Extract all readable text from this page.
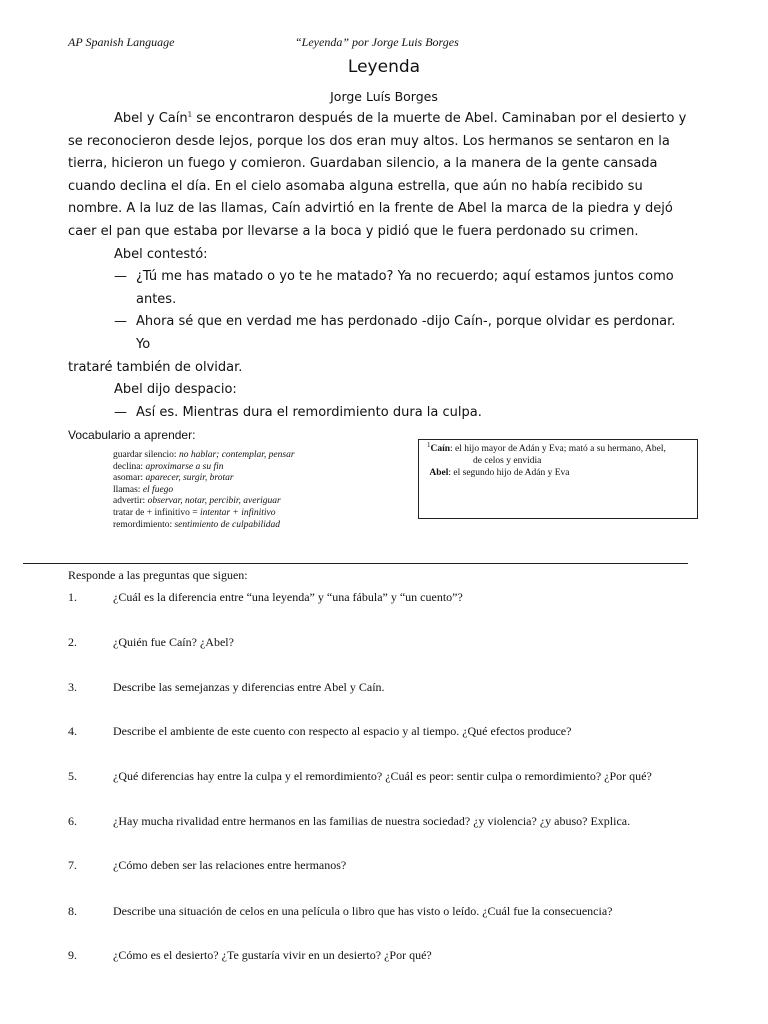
AP Spanish Language	“Leyenda” por Jorge Luis Borges
Leyenda
Jorge Luís Borges

Abel y Caín$^1$ se encontraron después de la muerte de Abel. Caminaban por el desierto y se reconocieron desde lejos, porque los dos eran muy altos. Los hermanos se sentaron en la tierra, hicieron un fuego y comieron. Guardaban silencio, a la manera de la gente cansada cuando declina el día. En el cielo asomaba alguna estrella, que aún no había recibido su nombre. A la luz de las llamas, Caín advirtió en la frente de Abel la marca de la piedra y dejó caer el pan que estaba por llevarse a la boca y pidió que le fuera perdonado su crimen.

Abel contestó:

— ¿Tú me has matado o yo te he matado? Ya no recuerdo; aquí estamos juntos como

antes.

— Ahora sé que en verdad me has perdonado -dijo Caín-, porque olvidar es perdonar. Yo

trataré también de olvidar.

Abel dijo despacio:

— Así es. Mientras dura el remordimiento dura la culpa.

Vocabulario a aprender:
guardar silencio: no hablar; contemplar, pensar
declina: aproximarse a su fin
asomar: aparecer, surgir, brotar
llamas: el fuego
advertir: observar, notar, percibir, averiguar
tratar de + infinitivo = intentar + infinitivo
remordimiento: sentimiento de culpabilidad
$^1$Caín: el hijo mayor de Adán y Eva; mató a su hermano, Abel,
de celos y envidia
Abel: el segundo hijo de Adán y Eva
Responde a las preguntas que siguen:
1.	¿Cuál es la diferencia entre “una leyenda” y “una fábula” y “un cuento”?
2.	¿Quién fue Caín? ¿Abel?
3.	Describe las semejanzas y diferencias entre Abel y Caín.
4.	Describe el ambiente de este cuento con respecto al espacio y al tiempo. ¿Qué efectos produce?
5.	¿Qué diferencias hay entre la culpa y el remordimiento? ¿Cuál es peor: sentir culpa o remordimiento? ¿Por qué?
6.	¿Hay mucha rivalidad entre hermanos en las familias de nuestra sociedad? ¿y violencia? ¿y abuso? Explica.
7.	¿Cómo deben ser las relaciones entre hermanos?
8.	Describe una situación de celos en una película o libro que has visto o leído. ¿Cuál fue la consecuencia?
9.	¿Cómo es el desierto? ¿Te gustaría vivir en un desierto? ¿Por qué?
